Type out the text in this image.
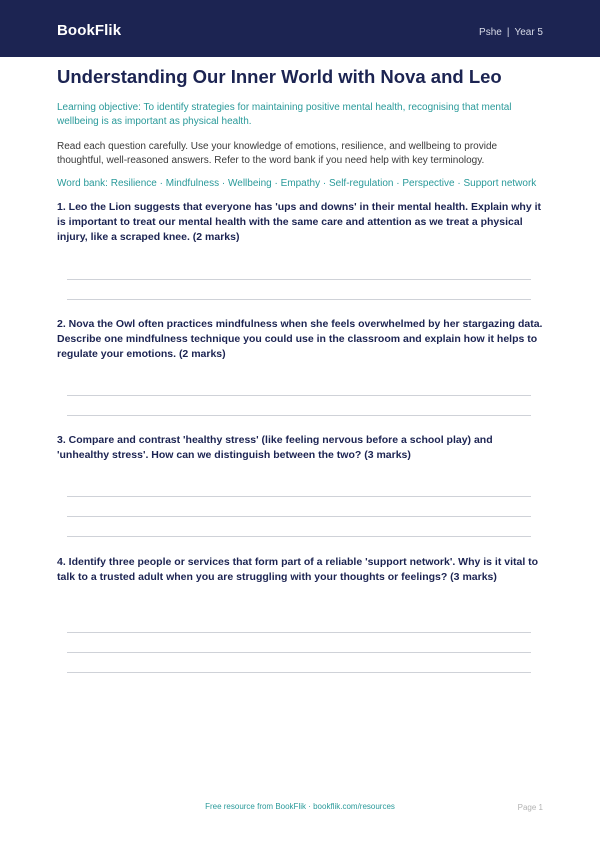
BookFlik	Pshe | Year 5
Understanding Our Inner World with Nova and Leo
Learning objective: To identify strategies for maintaining positive mental health, recognising that mental wellbeing is as important as physical health.
Read each question carefully. Use your knowledge of emotions, resilience, and wellbeing to provide thoughtful, well-reasoned answers. Refer to the word bank if you need help with key terminology.
Word bank: Resilience · Mindfulness · Wellbeing · Empathy · Self-regulation · Perspective · Support network
1. Leo the Lion suggests that everyone has 'ups and downs' in their mental health. Explain why it is important to treat our mental health with the same care and attention as we treat a physical injury, like a scraped knee. (2 marks)
2. Nova the Owl often practices mindfulness when she feels overwhelmed by her stargazing data. Describe one mindfulness technique you could use in the classroom and explain how it helps to regulate your emotions. (2 marks)
3. Compare and contrast 'healthy stress' (like feeling nervous before a school play) and 'unhealthy stress'. How can we distinguish between the two? (3 marks)
4. Identify three people or services that form part of a reliable 'support network'. Why is it vital to talk to a trusted adult when you are struggling with your thoughts or feelings? (3 marks)
Free resource from BookFlik · bookflik.com/resources	Page 1
